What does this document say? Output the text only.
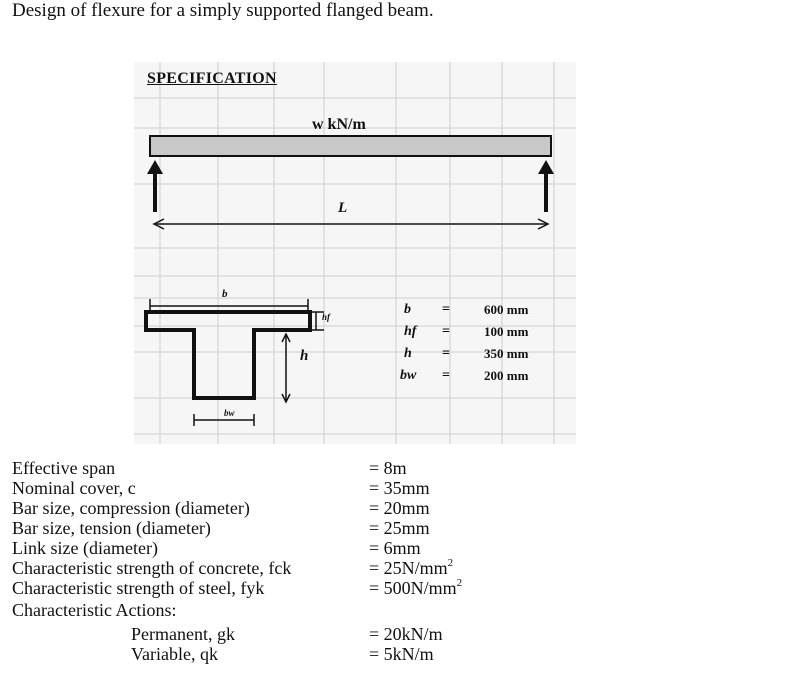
Design of flexure for a simply supported flanged beam.
SPECIFICATION
w kN/m
L
b
hf
h
bw
b =	600 mm
hf =	100 mm
h =	350 mm
bw =	200 mm
Effective span	= 8m
Nominal cover, c	= 35mm
Bar size, compression (diameter)	= 20mm
Bar size, tension (diameter)	= 25mm
Link size (diameter)	= 6mm
Characteristic strength of concrete, fck	= $25N/mm^2$
Characteristic strength of steel, fyk	= $500N/mm^2$
Characteristic Actions:
Permanent, gk	= 20kN/m
Variable, qk	= 5kN/m
